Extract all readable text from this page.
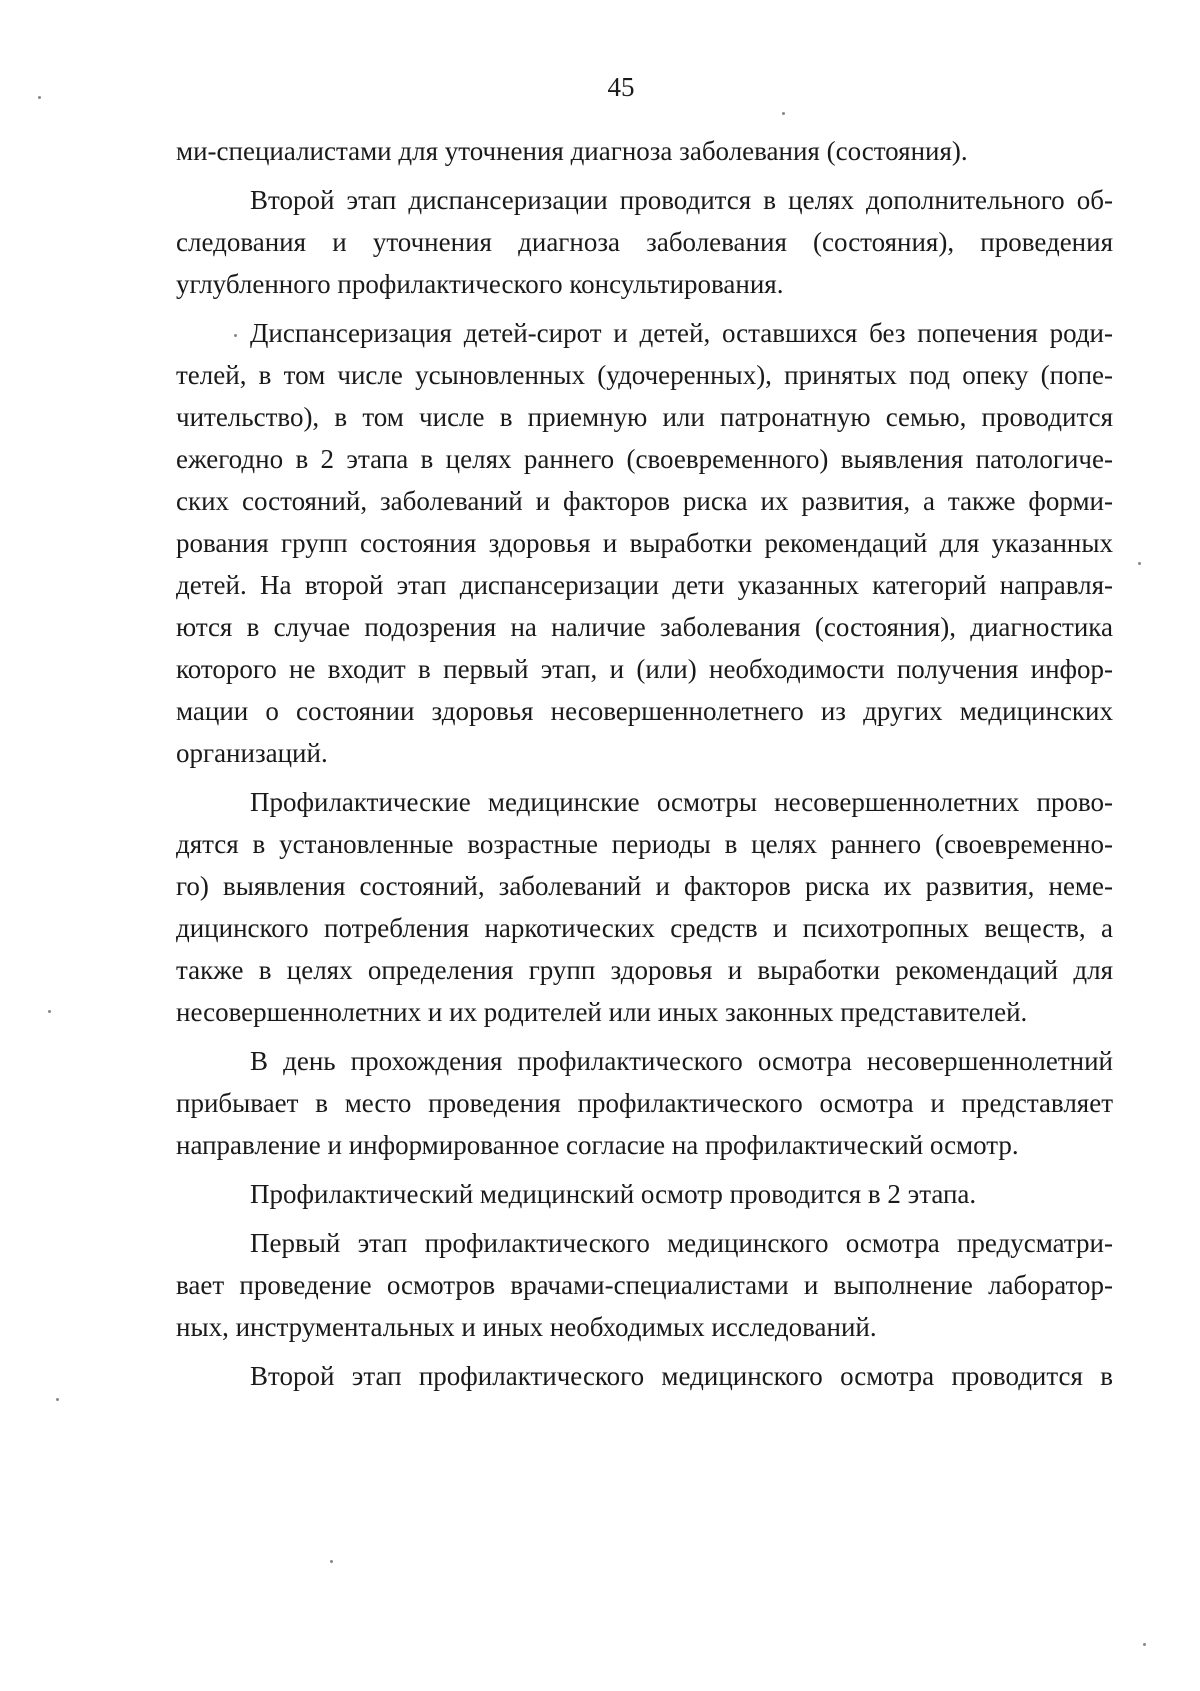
45
ми-специалистами для уточнения диагноза заболевания (состояния).
Второй этап диспансеризации проводится в целях дополнительного об-
следования и уточнения диагноза заболевания (состояния), проведения
углубленного профилактического консультирования.
Диспансеризация детей-сирот и детей, оставшихся без попечения роди-
телей, в том числе усыновленных (удочеренных), принятых под опеку (попе-
чительство), в том числе в приемную или патронатную семью, проводится
ежегодно в 2 этапа в целях раннего (своевременного) выявления патологиче-
ских состояний, заболеваний и факторов риска их развития, а также форми-
рования групп состояния здоровья и выработки рекомендаций для указанных
детей. На второй этап диспансеризации дети указанных категорий направля-
ются в случае подозрения на наличие заболевания (состояния), диагностика
которого не входит в первый этап, и (или) необходимости получения инфор-
мации о состоянии здоровья несовершеннолетнего из других медицинских
организаций.
Профилактические медицинские осмотры несовершеннолетних прово-
дятся в установленные возрастные периоды в целях раннего (своевременно-
го) выявления состояний, заболеваний и факторов риска их развития, неме-
дицинского потребления наркотических средств и психотропных веществ, а
также в целях определения групп здоровья и выработки рекомендаций для
несовершеннолетних и их родителей или иных законных представителей.
В день прохождения профилактического осмотра несовершеннолетний
прибывает в место проведения профилактического осмотра и представляет
направление и информированное согласие на профилактический осмотр.
Профилактический медицинский осмотр проводится в 2 этапа.
Первый этап профилактического медицинского осмотра предусматри-
вает проведение осмотров врачами-специалистами и выполнение лаборатор-
ных, инструментальных и иных необходимых исследований.
Второй этап профилактического медицинского осмотра проводится в
